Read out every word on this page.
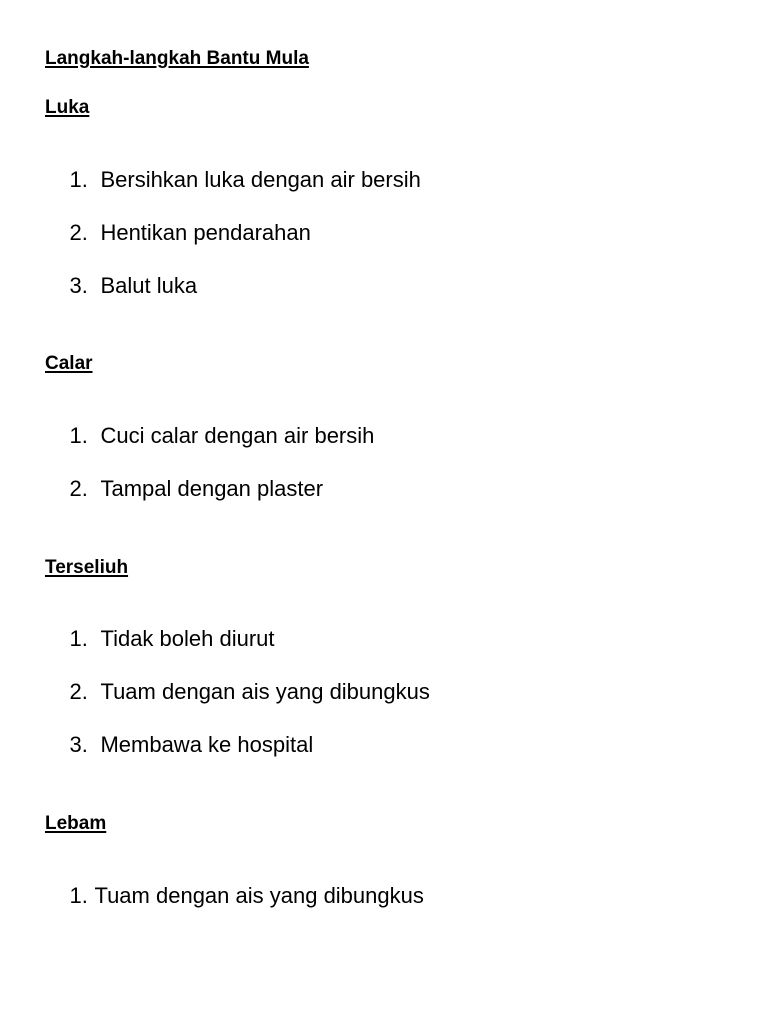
Langkah-langkah Bantu Mula
Luka

1. Bersihkan luka dengan air bersih

2. Hentikan pendarahan

3. Balut luka

Calar

1. Cuci calar dengan air bersih

2. Tampal dengan plaster

Terseliuh

1. Tidak boleh diurut

2. Tuam dengan ais yang dibungkus

3. Membawa ke hospital

Lebam

1. Tuam dengan ais yang dibungkus
